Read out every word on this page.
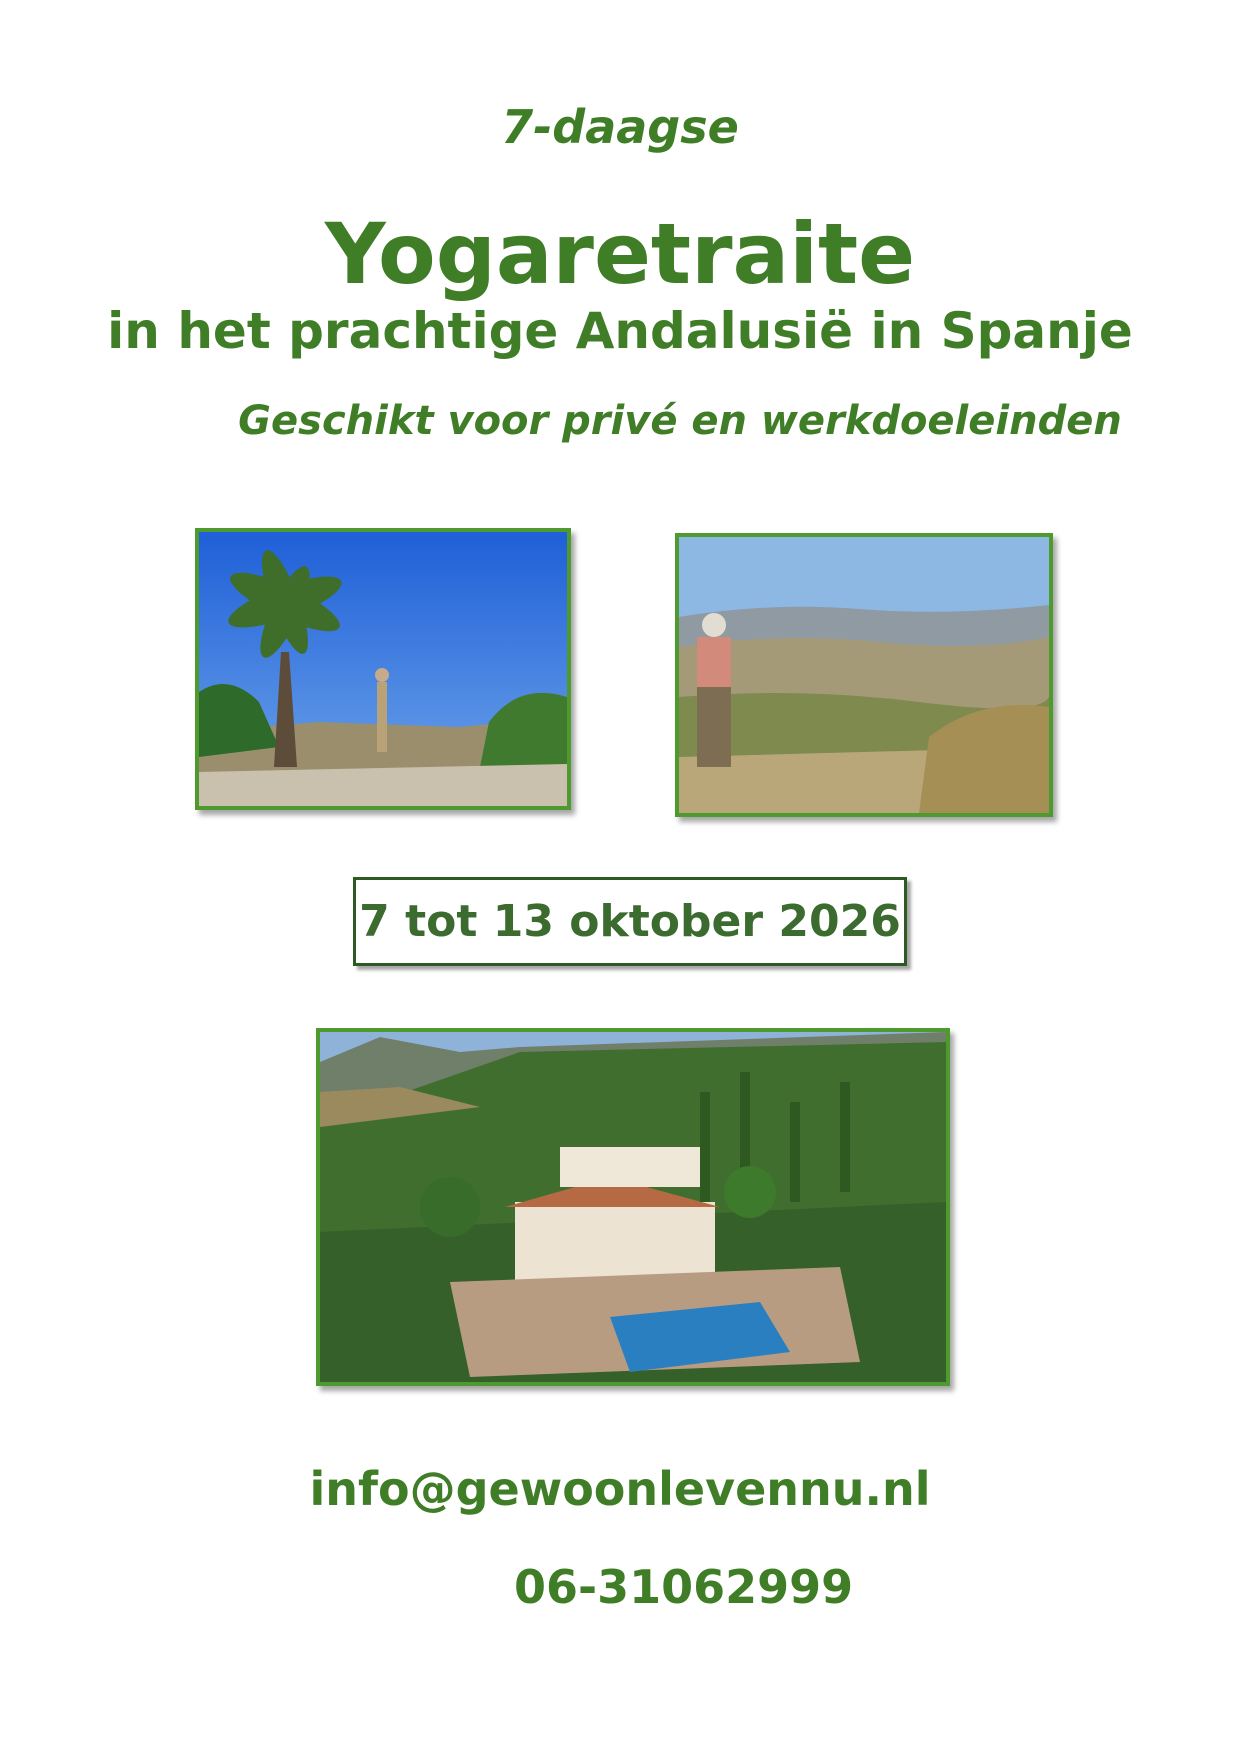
7-daagse

Yogaretraite
in het prachtige Andalusië in Spanje

Geschikt voor privé en werkdoeleinden

7 tot 13 oktober 2026
info@gewoonlevennu.nl
06-31062999
